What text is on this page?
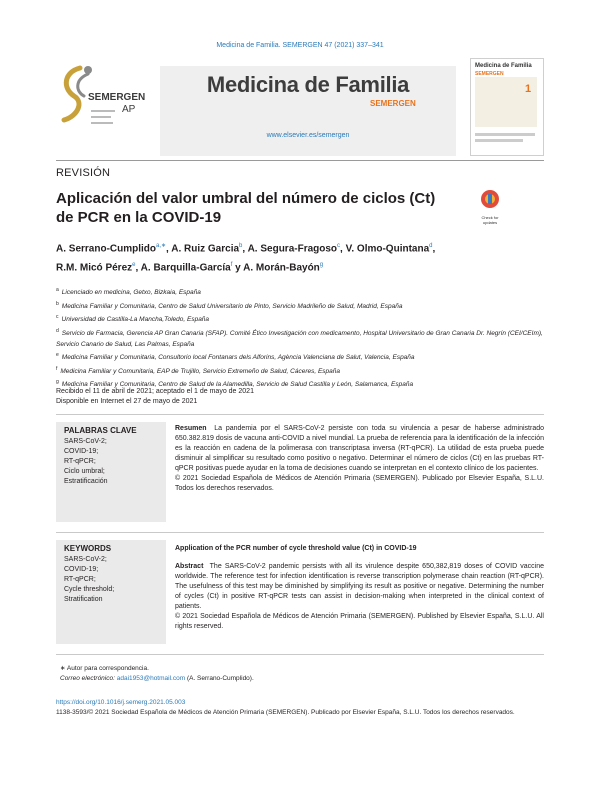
Medicina de Familia. SEMERGEN 47 (2021) 337–341
SEMERGEN
AP
Medicina de Familia
SEMERGEN
www.elsevier.es/semergen
Medicina de Familia
SEMERGEN
1
REVISIÓN
Aplicación del valor umbral del número de ciclos (Ct)
de PCR en la COVID-19	Check for
updates
A. Serrano-Cumplido$^{a,∗}$, A. Ruiz Garcia$^b$, A. Segura-Fragoso$^c$, V. Olmo-Quintana$^d$,
R.M. Micó Pérez$^e$, A. Barquilla-García$^f$ y A. Morán-Bayón$^g$
$^a$ Licenciado en medicina, Getxo, Bizkaia, España
$^b$ Medicina Familiar y Comunitaria, Centro de Salud Universitario de Pinto, Servicio Madrileño de Salud, Madrid, España
$^c$ Universidad de Castilla-La Mancha,Toledo, España
$^d$ Servicio de Farmacia, Gerencia AP Gran Canaria (SFAP). Comité Ético Investigación con medicamento, Hospital Universitario de Gran Canaria Dr. Negrín (CEI/CEIm), Servicio Canario de Salud, Las Palmas, España
$^e$ Medicina Familiar y Comunitaria, Consultorio local Fontanars dels Alforins, Agència Valenciana de Salut, Valencia, España
$^f$ Medicina Familiar y Comunitaria, EAP de Trujillo, Servicio Extremeño de Salud, Cáceres, España
$^g$ Medicina Familiar y Comunitaria, Centro de Salud de la Alamedilla, Servicio de Salud Castilla y León, Salamanca, España
Recibido el 11 de abril de 2021; aceptado el 1 de mayo de 2021
Disponible en Internet el 27 de mayo de 2021
PALABRAS CLAVE
SARS-CoV-2;
COVID-19;
RT-qPCR;
Ciclo umbral;
Estratificación
Resumen La pandemia por el SARS-CoV-2 persiste con toda su virulencia a pesar de haberse administrado 650.382.819 dosis de vacuna anti-COVID a nivel mundial. La prueba de referencia para la identificación de la infección es la reacción en cadena de la polimerasa con transcriptasa inversa (RT-qPCR). La utilidad de esta prueba puede disminuir al simplificar su resultado como positivo o negativo. Determinar el número de ciclos (Ct) en las pruebas RT-qPCR positivas puede ayudar en la toma de decisiones cuando se interpretan en el contexto clínico de los pacientes.
© 2021 Sociedad Española de Médicos de Atención Primaria (SEMERGEN). Publicado por Elsevier España, S.L.U. Todos los derechos reservados.
KEYWORDS
SARS-CoV-2;
COVID-19;
RT-qPCR;
Cycle threshold;
Stratification
Application of the PCR number of cycle threshold value (Ct) in COVID-19
Abstract The SARS-CoV-2 pandemic persists with all its virulence despite 650,382,819 doses of COVID vaccine worldwide. The reference test for infection identification is reverse transcription polymerase chain reaction (RT-qPCR). The usefulness of this test may be diminished by simplifying its result as positive or negative. Determining the number of cycles (Ct) in positive RT-qPCR tests can assist in decision-making when interpreted in the clinical context of patients.
© 2021 Sociedad Española de Médicos de Atención Primaria (SEMERGEN). Published by Elsevier España, S.L.U. All rights reserved.
∗ Autor para correspondencia.
Correo electrónico: adai1953@hotmail.com (A. Serrano-Cumplido).
https://doi.org/10.1016/j.semerg.2021.05.003
1138-3593/© 2021 Sociedad Española de Médicos de Atención Primaria (SEMERGEN). Publicado por Elsevier España, S.L.U. Todos los derechos reservados.
